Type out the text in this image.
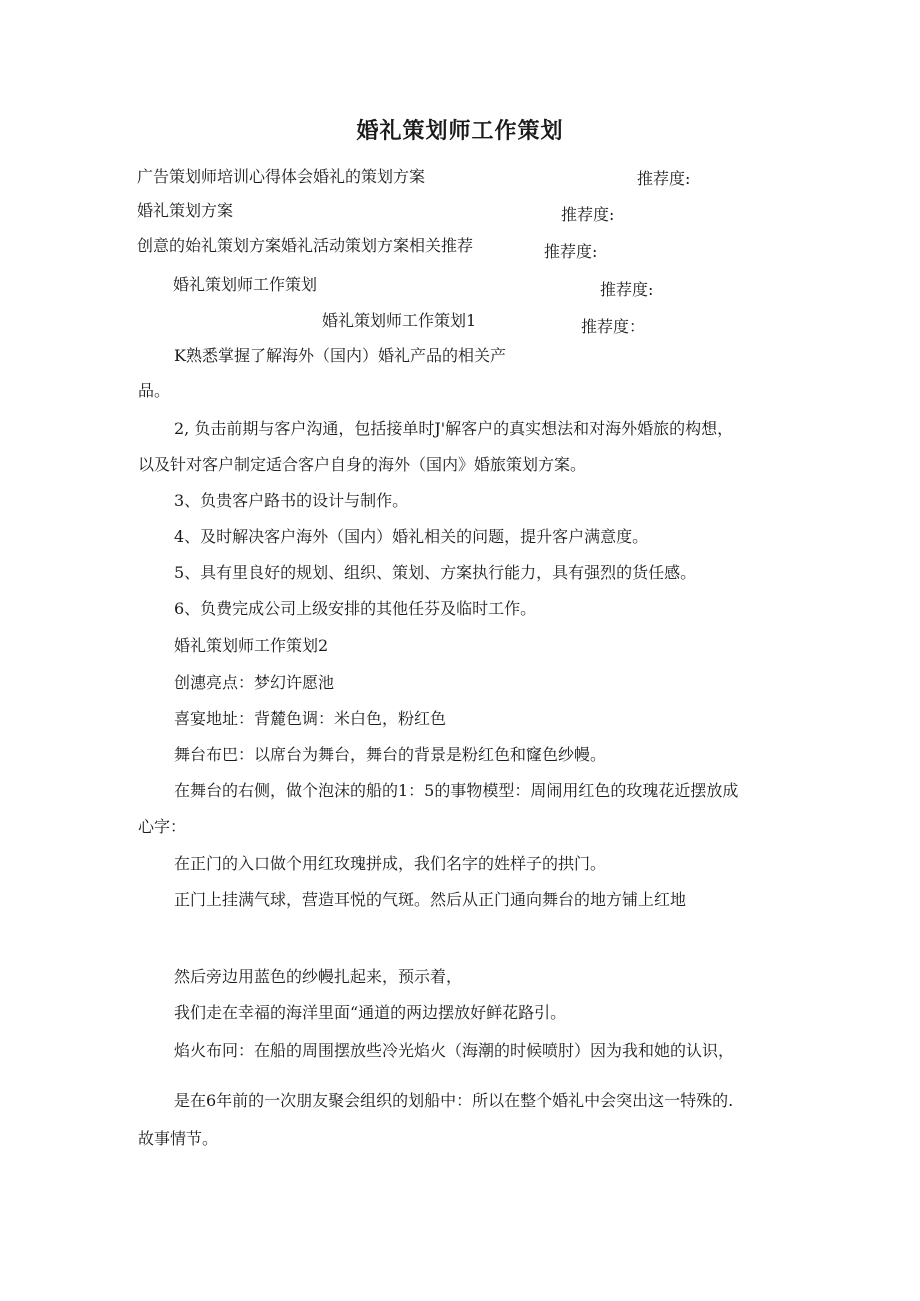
婚礼策划师工作策划
广告策划师培训心得体会婚礼的策划方案	推荐度:
婚礼策划方案	推荐度:
创意的始礼策划方案婚礼活动策划方案相关推荐	推荐度:
婚礼策划师工作策划	推荐度:
婚礼策划师工作策划1	推荐度：
K熟悉掌握了解海外（国内）婚礼产品的相关产
品。
2, 负击前期与客户沟通，包括接单时J'解客户的真实想法和对海外婚旅的构想，
以及针对客户制定适合客户自身的海外（国内》婚旅策划方案。
3、负贵客户路书的设计与制作。
4、及时解决客户海外（国内）婚礼相关的问题，提升客户满意度。
5、具有里良好的规划、组织、策划、方案执行能力，具有强烈的货任感。
6、负费完成公司上级安排的其他任芬及临时工作。
婚礼策划师工作策划2
创潓亮点：梦幻许愿池
喜宴地址：背麓色调：米白色，粉红色
舞台布巴：以席台为舞台，舞台的背景是粉红色和窿色纱幔。
在舞台的右侧，做个泡沫的船的1：5的事物模型：周闹用红色的玫瑰花近摆放成
心字：
在正门的入口做个用红玫瑰拼成，我们名字的姓样子的拱门。
正门上挂满气球，营造耳悦的气斑。然后从正门通向舞台的地方铺上红地
然后旁边用蓝色的纱幔扎起来，预示着，
我们走在幸福的海洋里面“通道的两边摆放好鲜花路引。
焰火布冋：在船的周围摆放些冷光焰火（海潮的时候喷肘）因为我和她的认识，
是在6年前的一次朋友聚会组织的划船中：所以在整个婚礼中会突出这一特殊的.
故事情节。
